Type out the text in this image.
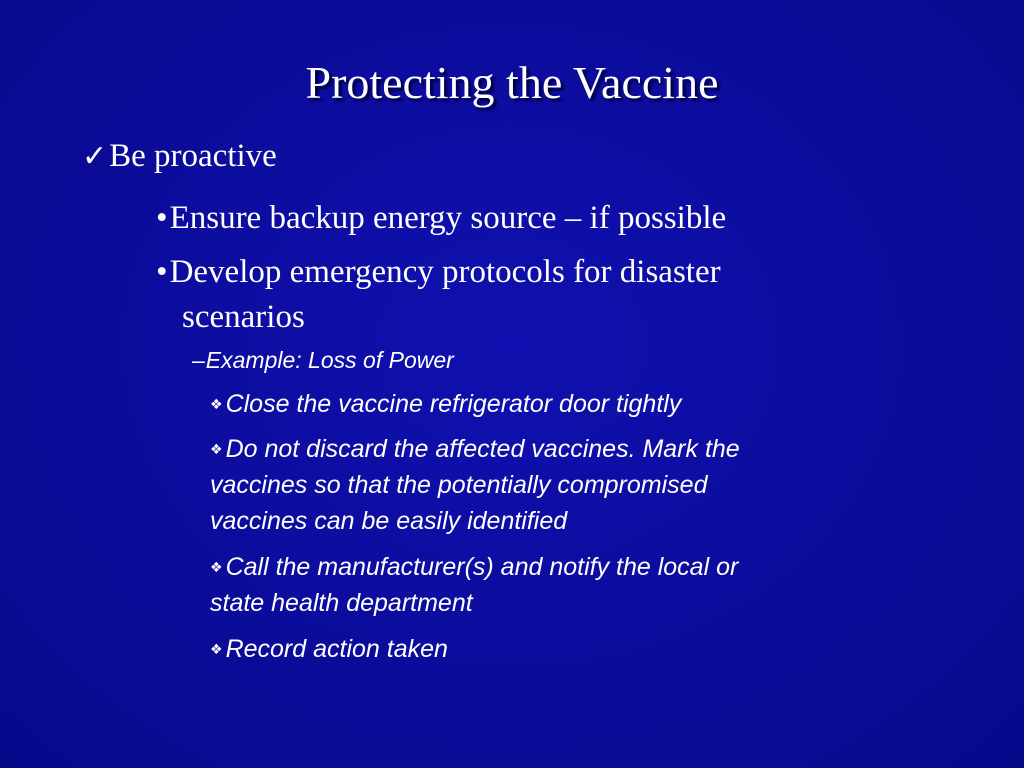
Protecting the Vaccine
✓Be proactive
•Ensure backup energy source – if possible
•Develop emergency protocols for disaster
scenarios
–Example: Loss of Power
❖ Close the vaccine refrigerator door tightly
❖ Do not discard the affected vaccines. Mark the
vaccines so that the potentially compromised
vaccines can be easily identified
❖ Call the manufacturer(s) and notify the local or
state health department
❖ Record action taken
